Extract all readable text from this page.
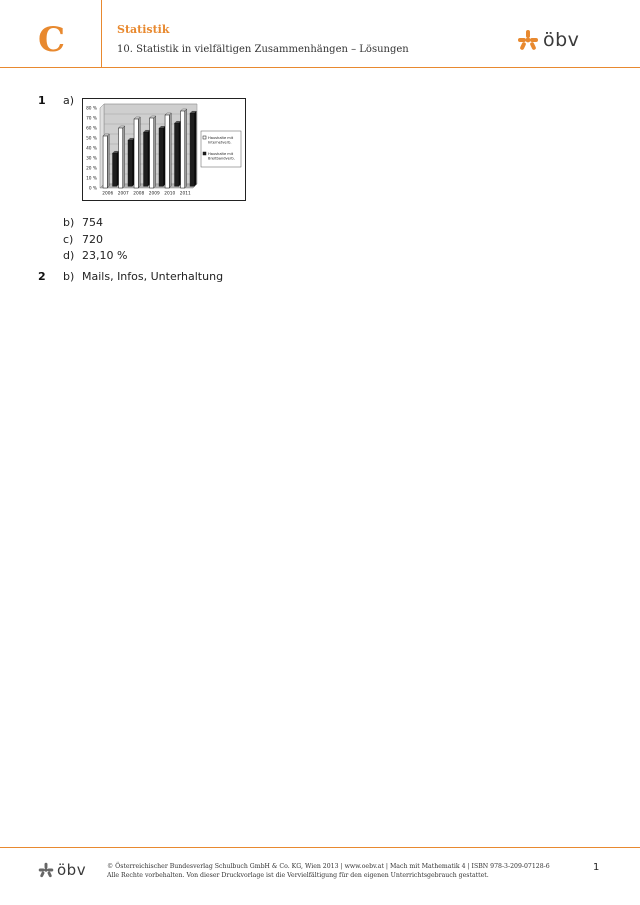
C	Statistik
10. Statistik in vielfältigen Zusammenhängen – Lösungen	öbv
1 a)
0 %
10 %
20 %
30 %
40 %
50 %
60 %
70 %
80 %
2006 2007 2008 2009 2010 2011
Haushalte mit Internetverb.
Haushalte mit Breitbandverb.
b) 754
c) 720
d) 23,10 %
2 b) Mails, Infos, Unterhaltung
öbv	© Österreichischer Bundesverlag Schulbuch GmbH & Co. KG, Wien 2013 | www.oebv.at | Mach mit Mathematik 4 | ISBN 978-3-209-07128-6
Alle Rechte vorbehalten. Von dieser Druckvorlage ist die Vervielfältigung für den eigenen Unterrichtsgebrauch gestattet.
1
